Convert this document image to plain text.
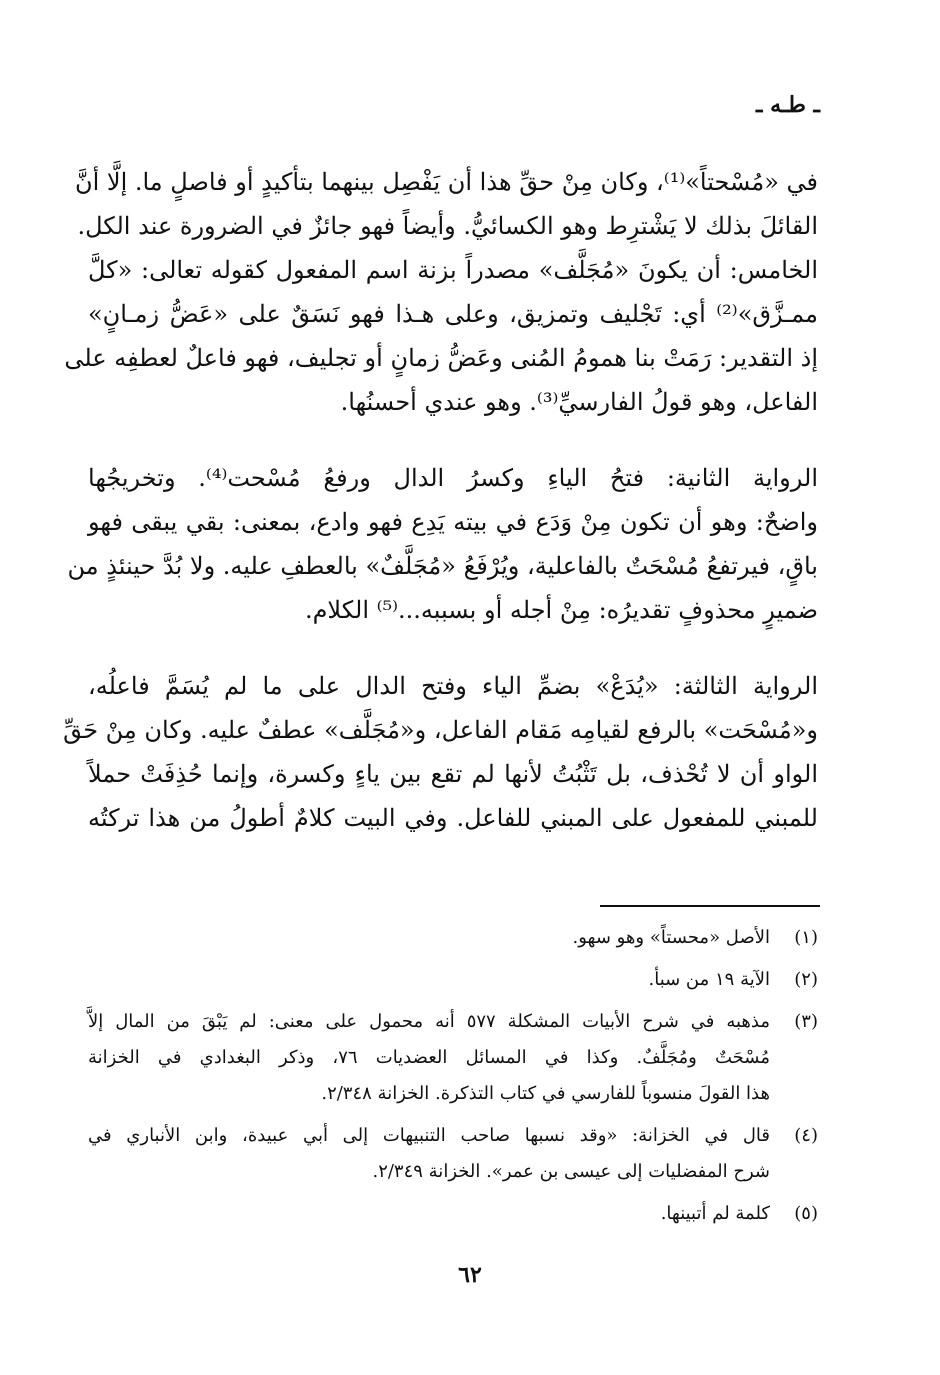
ـ طـه ـ
في «مُسْحتاً»⁽¹⁾، وكان مِنْ حقِّ هذا أن يَفْصِل بينهما بتأكيدٍ أو فاصلٍ ما. إلَّا أنَّ
القائلَ بذلك لا يَشْترِط وهو الكسائيُّ. وأيضاً فهو جائزٌ في الضرورة عند الكل.
الخامس: أن يكونَ «مُجَلَّف» مصدراً بزنة اسم المفعول كقوله تعالى: «كلَّ
ممـزَّق»⁽²⁾ أي: تَجْليف وتمزيق، وعلى هـذا فهو نَسَقٌ على «عَضُّ زمـانٍ»
إذ التقدير: رَمَتْ بنا همومُ المُنى وعَضُّ زمانٍ أو تجليف، فهو فاعلٌ لعطفِه على
الفاعل، وهو قولُ الفارسيِّ⁽³⁾. وهو عندي أحسنُها.
الرواية الثانية: فتحُ الياءِ وكسرُ الدال ورفعُ مُسْحت⁽⁴⁾. وتخريجُها
واضحٌ: وهو أن تكون مِنْ وَدَع في بيته يَدِع فهو وادع، بمعنى: بقي يبقى فهو
باقٍ، فيرتفعُ مُسْحَتٌ بالفاعلية، ويُرْفَعُ «مُجَلَّفٌ» بالعطفِ عليه. ولا بُدَّ حينئذٍ من
ضميرٍ محذوفٍ تقديرُه: مِنْ أجله أو بسببه...⁽⁵⁾ الكلام.
الرواية الثالثة: «يُدَعْ» بضمِّ الياء وفتح الدال على ما لم يُسَمَّ فاعلُه،
و«مُسْحَت» بالرفع لقيامِه مَقام الفاعل، و«مُجَلَّف» عطفٌ عليه. وكان مِنْ حَقِّ
الواو أن لا تُحْذف، بل تَثْبُتُ لأنها لم تقع بين ياءٍ وكسرة، وإنما حُذِفَتْ حملاً
للمبني للمفعول على المبني للفاعل. وفي البيت كلامٌ أطولُ من هذا تركتُه
(١)
الأصل «محستاً» وهو سهو.
(٢)
الآية ١٩ من سبأ.
(٣)
مذهبه في شرح الأبيات المشكلة ٥٧٧ أنه محمول على معنى: لم يَبْقَ من المال إلاَّ
مُسْحَتٌ ومُجَلَّفٌ. وكذا في المسائل العضديات ٧٦، وذكر البغدادي في الخزانة
هذا القولَ منسوباً للفارسي في كتاب التذكرة. الخزانة ٢/٣٤٨.
(٤)
قال في الخزانة: «وقد نسبها صاحب التنبيهات إلى أبي عبيدة، وابن الأنباري في
شرح المفضليات إلى عيسى بن عمر». الخزانة ٢/٣٤٩.
(٥)
كلمة لم أتبينها.
٦٢
